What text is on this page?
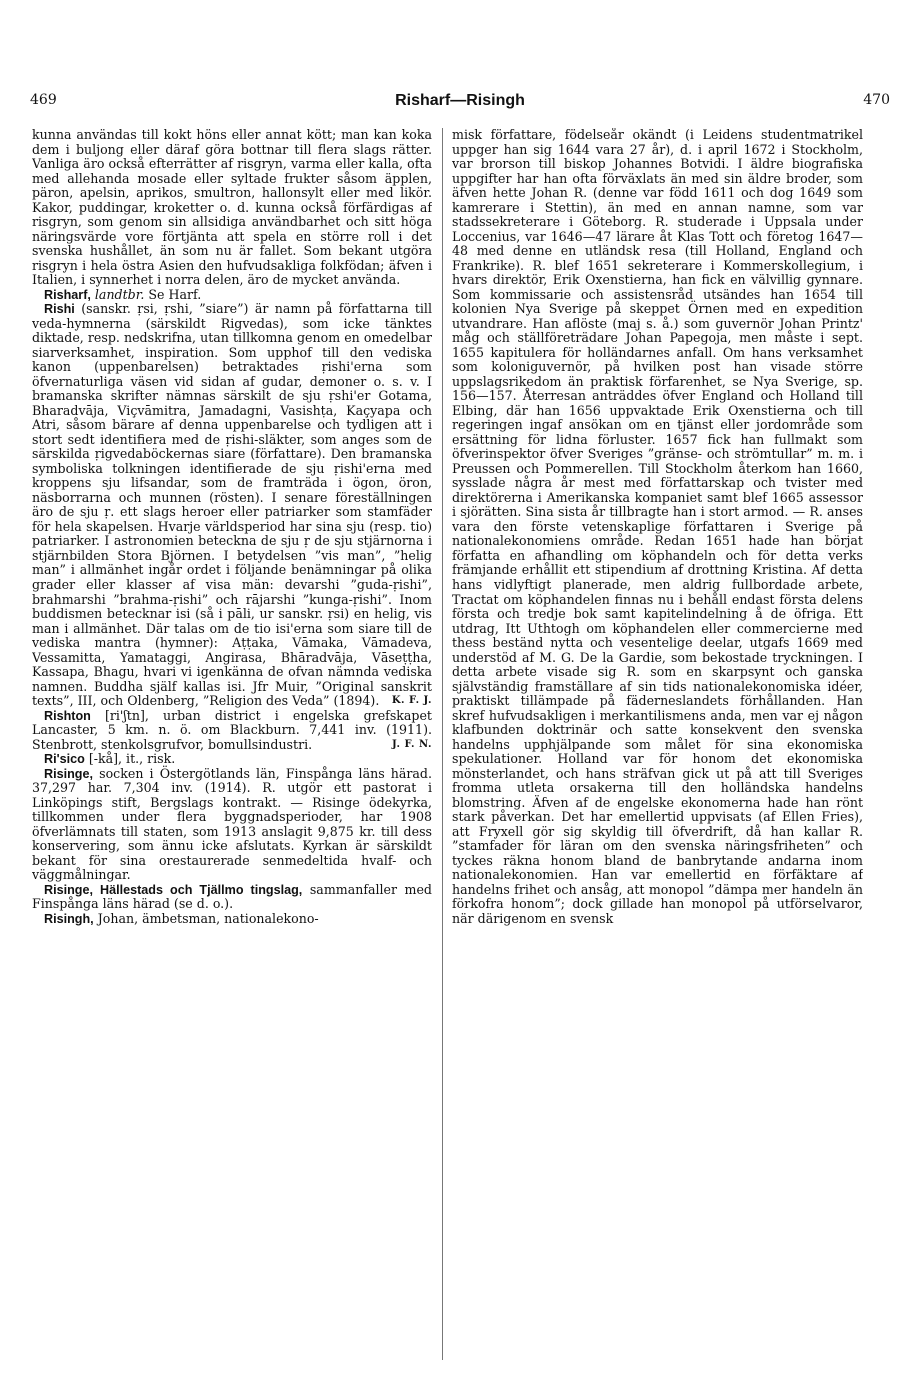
469	Risharf—Risingh	470

kunna användas till kokt höns eller annat kött; man kan koka dem i buljong eller däraf göra bottnar till flera slags rätter. Vanliga äro också efterrätter af risgryn, varma eller kalla, ofta med allehanda mosade eller syltade frukter såsom äpplen, päron, apelsin, aprikos, smultron, hallonsylt eller med likör. Kakor, puddingar, kroketter o. d. kunna också förfärdigas af risgryn, som genom sin allsidiga användbarhet och sitt höga näringsvärde vore förtjänta att spela en större roll i det svenska hushållet, än som nu är fallet. Som bekant utgöra risgryn i hela östra Asien den hufvudsakliga folkfödan; äfven i Italien, i synnerhet i norra delen, äro de mycket använda.

Risharf, landtbr. Se Harf.

Rishi (sanskr. ṛsi, ṛshi, ”siare”) är namn på författarna till veda-hymnerna (särskildt Rigvedas), som icke tänktes diktade, resp. nedskrifna, utan tillkomna genom en omedelbar siarverksamhet, inspiration. Som upphof till den vediska kanon (uppenbarelsen) betraktades ṛishi'erna som öfvernaturliga väsen vid sidan af gudar, demoner o. s. v. I bramanska skrifter nämnas särskilt de sju ṛshi'er Gotama, Bharadvāja, Viçvāmitra, Jamadagni, Vasishṭa, Kaçyapa och Atri, såsom bärare af denna uppenbarelse och tydligen att i stort sedt identifiera med de ṛishi-släkter, som anges som de särskilda ṛigvedaböckernas siare (författare). Den bramanska symboliska tolkningen identifierade de sju ṛishi'erna med kroppens sju lifsandar, som de framträda i ögon, öron, näsborrarna och munnen (rösten). I senare föreställningen äro de sju ṛ. ett slags heroer eller patriarker som stamfäder för hela skapelsen. Hvarje världsperiod har sina sju (resp. tio) patriarker. I astronomien beteckna de sju ṛ de sju stjärnorna i stjärnbilden Stora Björnen. I betydelsen ”vis man”, ”helig man” i allmänhet ingår ordet i följande benämningar på olika grader eller klasser af visa män: devarshi ”guda-ṛishi”, brahmarshi ”brahma-ṛishi” och rājarshi ”kunga-ṛishi”. Inom buddismen betecknar isi (så i pāli, ur sanskr. ṛsi) en helig, vis man i allmänhet. Där talas om de tio isi'erna som siare till de vediska mantra (hymner): Aṭṭaka, Vāmaka, Vāmadeva, Vessamitta, Yamataggi, Angirasa, Bhāradvāja, Vāseṭṭha, Kassapa, Bhagu, hvari vi igenkänna de ofvan nämnda vediska namnen. Buddha själf kallas isi. Jfr Muir, ”Original sanskrit texts”, III, och Oldenberg, ”Religion des Veda” (1894).	K. F. J.

Rishton [ri'ʃtn], urban district i engelska grefskapet Lancaster, 5 km. n. ö. om Blackburn. 7,441 inv. (1911). Stenbrott, stenkolsgrufvor, bomullsindustri.	J. F. N.

Ri'sico [-kå], it., risk.

Risinge, socken i Östergötlands län, Finspånga läns härad. 37,297 har. 7,304 inv. (1914). R. utgör ett pastorat i Linköpings stift, Bergslags kontrakt. — Risinge ödekyrka, tillkommen under flera byggnadsperioder, har 1908 öfverlämnats till staten, som 1913 anslagit 9,875 kr. till dess konservering, som ännu icke afslutats. Kyrkan är särskildt bekant för sina orestaurerade senmedeltida hvalf- och väggmålningar.

Risinge, Hällestads och Tjällmo tingslag, sammanfaller med Finspånga läns härad (se d. o.).

Risingh, Johan, ämbetsman, nationalekono-

misk författare, födelseår okändt (i Leidens studentmatrikel uppger han sig 1644 vara 27 år), d. i april 1672 i Stockholm, var brorson till biskop Johannes Botvidi. I äldre biografiska uppgifter har han ofta förväxlats än med sin äldre broder, som äfven hette Johan R. (denne var född 1611 och dog 1649 som kamrerare i Stettin), än med en annan namne, som var stadssekreterare i Göteborg. R. studerade i Uppsala under Loccenius, var 1646—47 lärare åt Klas Tott och företog 1647—48 med denne en utländsk resa (till Holland, England och Frankrike). R. blef 1651 sekreterare i Kommerskollegium, i hvars direktör, Erik Oxenstierna, han fick en välvillig gynnare. Som kommissarie och assistensråd utsändes han 1654 till kolonien Nya Sverige på skeppet Örnen med en expedition utvandrare. Han aflöste (maj s. å.) som guvernör Johan Printz' måg och ställföreträdare Johan Papegoja, men måste i sept. 1655 kapitulera för holländarnes anfall. Om hans verksamhet som koloniguvernör, på hvilken post han visade större uppslagsrikedom än praktisk förfarenhet, se Nya Sverige, sp. 156—157. Återresan anträddes öfver England och Holland till Elbing, där han 1656 uppvaktade Erik Oxenstierna och till regeringen ingaf ansökan om en tjänst eller jordområde som ersättning för lidna förluster. 1657 fick han fullmakt som öfverinspektor öfver Sveriges ”gränse- och strömtullar” m. m. i Preussen och Pommerellen. Till Stockholm återkom han 1660, sysslade några år mest med författarskap och tvister med direktörerna i Amerikanska kompaniet samt blef 1665 assessor i sjörätten. Sina sista år tillbragte han i stort armod. — R. anses vara den förste vetenskaplige författaren i Sverige på nationalekonomiens område. Redan 1651 hade han börjat författa en afhandling om köphandeln och för detta verks främjande erhållit ett stipendium af drottning Kristina. Af detta hans vidlyftigt planerade, men aldrig fullbordade arbete, Tractat om köphandelen finnas nu i behåll endast första delens första och tredje bok samt kapitelindelning å de öfriga. Ett utdrag, Itt Uthtogh om köphandelen eller commercierne med thess beständ nytta och vesentelige deelar, utgafs 1669 med understöd af M. G. De la Gardie, som bekostade tryckningen. I detta arbete visade sig R. som en skarpsynt och ganska självständig framställare af sin tids nationalekonomiska idéer, praktiskt tillämpade på fäderneslandets förhållanden. Han skref hufvudsakligen i merkantilismens anda, men var ej någon klafbunden doktrinär och satte konsekvent den svenska handelns upphjälpande som målet för sina ekonomiska spekulationer. Holland var för honom det ekonomiska mönsterlandet, och hans sträfvan gick ut på att till Sveriges fromma utleta orsakerna till den holländska handelns blomstring. Äfven af de engelske ekonomerna hade han rönt stark påverkan. Det har emellertid uppvisats (af Ellen Fries), att Fryxell gör sig skyldig till öfverdrift, då han kallar R. ”stamfader för läran om den svenska näringsfriheten” och tyckes räkna honom bland de banbrytande andarna inom nationalekonomien. Han var emellertid en förfäktare af handelns frihet och ansåg, att monopol ”dämpa mer handeln än förkofra honom”; dock gillade han monopol på utförselvaror, när därigenom en svensk
